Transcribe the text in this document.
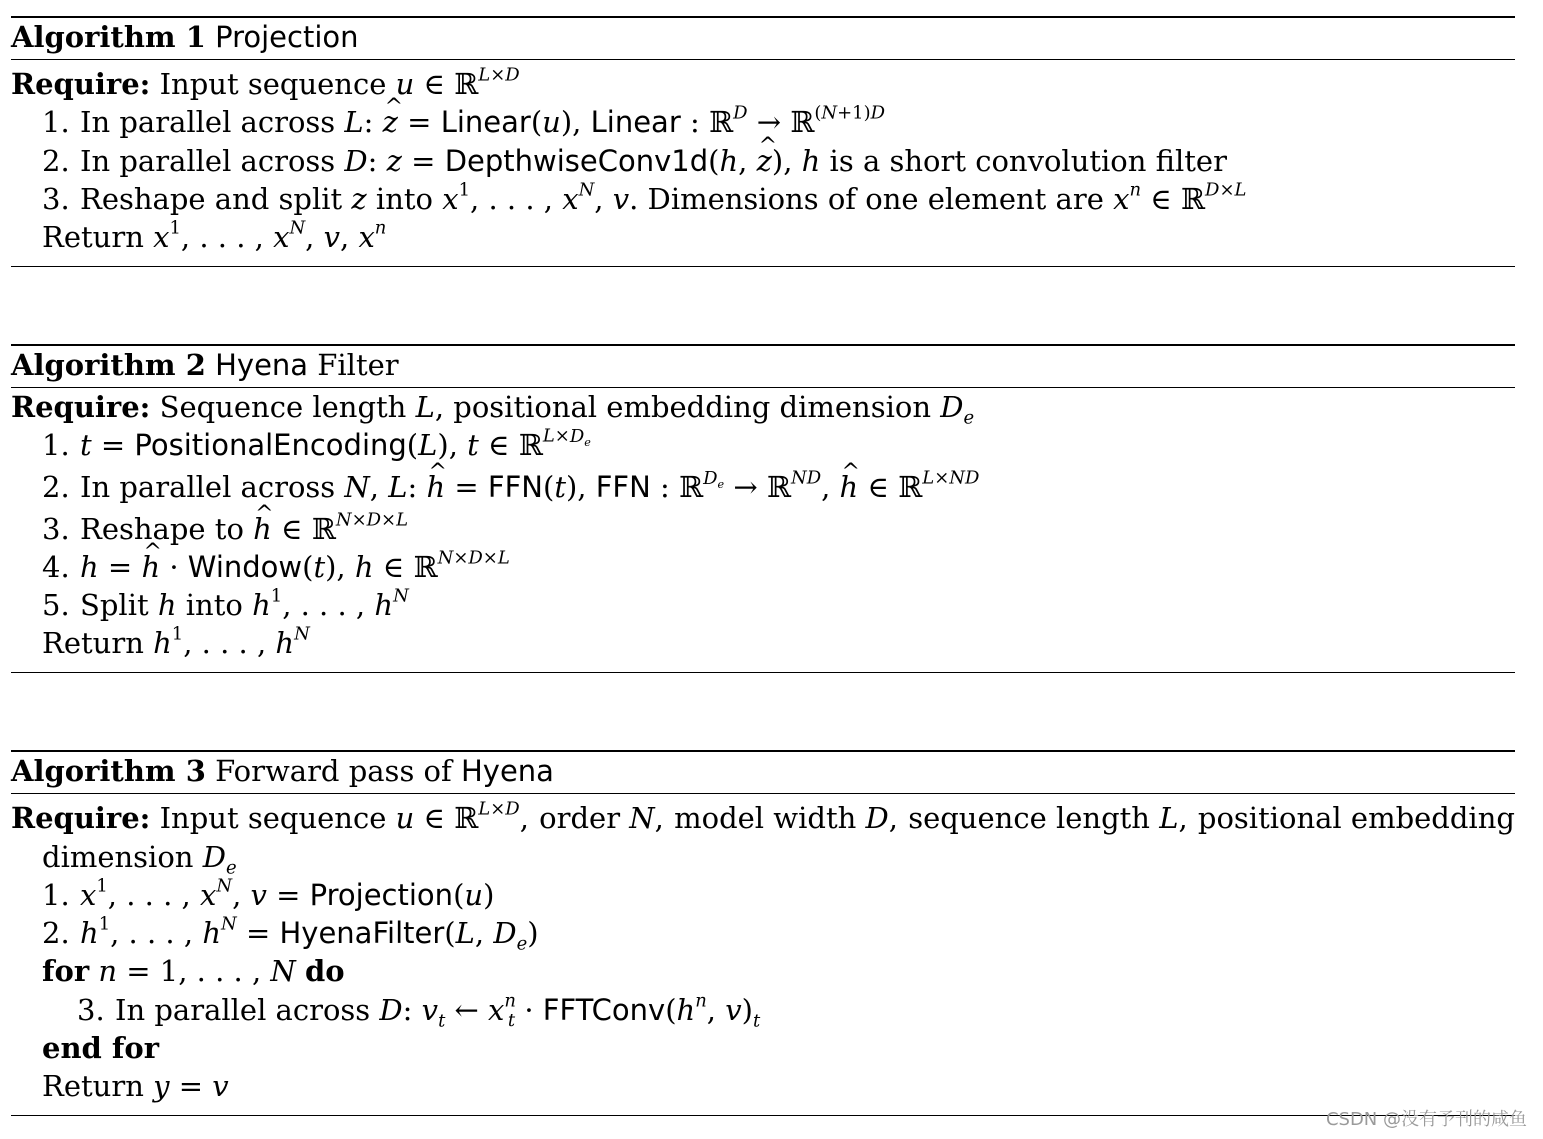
Algorithm 1 Projection
Require: Input sequence u ∈ ℝ$^{L\times D}$
1. In parallel across L: ^ z = Linear(u), Linear : ℝ$^D$ → ℝ$^{(N+1)D}$
2. In parallel across D: z = DepthwiseConv1d(h, ^ z), h is a short convolution filter
3. Reshape and split z into $x^1$, . . . , $x^N$, v. Dimensions of one element are $x^n$ ∈ ℝ$^{D\times L}$
Return $x^1$, . . . , $x^N$, v, $x^n$
Algorithm 2 Hyena Filter
Require: Sequence length L, positional embedding dimension $D_e$
1. t = PositionalEncoding(L), t ∈ ℝ$^{L\times D_e}$
2. In parallel across N, L: ^ h = FFN(t), FFN : ℝ$^{D_e}$ → ℝ$^{ND}$, ^ h ∈ ℝ$^{L\times ND}$
3. Reshape to ^ h ∈ ℝ$^{N\times D\times L}$
4. h = ^ h · Window(t), h ∈ ℝ$^{N\times D\times L}$
5. Split h into $h^1$, . . . , $h^N$
Return $h^1$, . . . , $h^N$
Algorithm 3 Forward pass of Hyena
Require: Input sequence u ∈ ℝ$^{L\times D}$, order N, model width D, sequence length L, positional embedding
dimension $D_e$
1. $x^1$, . . . , $x^N$, v = Projection(u)
2. $h^1$, . . . , $h^N$ = HyenaFilter(L, $D_e$)
for n = 1, . . . , N do
3. In parallel across D: $v_t$ ← $x^n_t$ · $FFTConv(h^n$, $v)_t$
end for
Return y = v
CSDN @没有予刊的咸鱼
